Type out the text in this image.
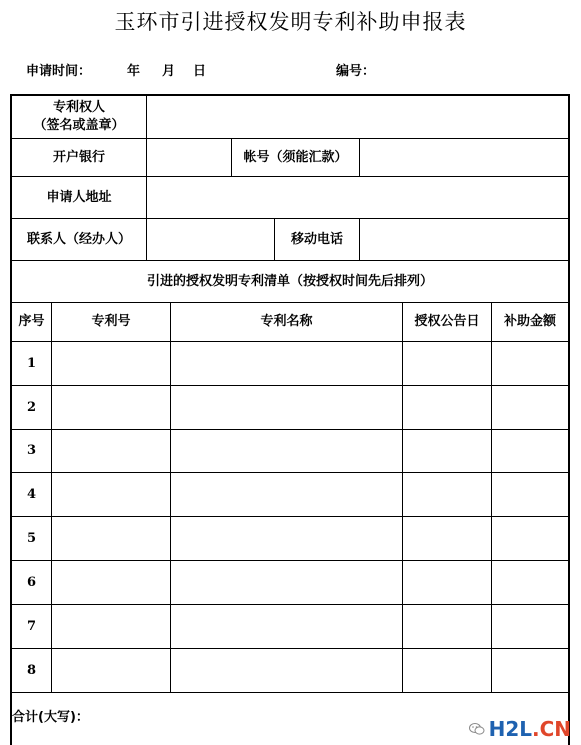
玉环市引进授权发明专利补助申报表
申请时间：	年 月 日	编号：
专利权人
（签名或盖章）
开户银行	帐号（须能汇款）
申请人地址
联系人（经办人）	移动电话
引进的授权发明专利清单（按授权时间先后排列）
序号	专利号	专利名称	授权公告日	补助金额
1
2
3
4
5
6
7
8
合计(大写)：	H2L.CN
